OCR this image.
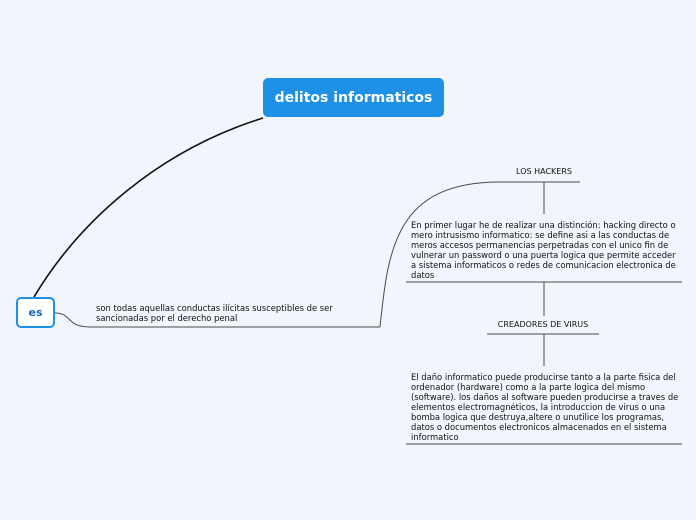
delitos informaticos
es	son todas aquellas conductas ilícitas susceptibles de ser sancionadas por el derecho penal
LOS HACKERS
En primer lugar he de realizar una distinción: hacking directo o mero intrusismo informatico: se define asi a las conductas de meros accesos permanencias perpetradas con el unico fin de vulnerar un password o una puerta logica que permite acceder a sistema informaticos o redes de comunicacion electronica de datos
CREADORES DE VIRUS
El daño informatico puede producirse tanto a la parte fisica del ordenador (hardware) como a la parte logica del mismo (software). los daños al software pueden producirse a traves de elementos electromagnéticos, la introduccion de virus o una bomba logica que destruya,altere o unutilice los programas, datos o documentos electronicos almacenados en el sistema informatico
